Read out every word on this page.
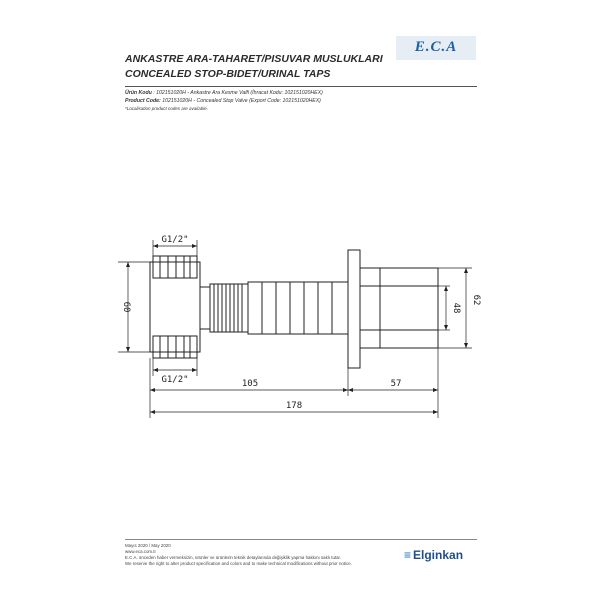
ANKASTRE ARA-TAHARET/PISUVAR MUSLUKLARI
CONCEALED STOP-BIDET/URINAL TAPS
E.C.A
Ürün Kodu : 102151020H - Ankastre Ara Kesme Valfi (İhracat Kodu: 102151020HEX)
Product Code: 102151020H - Concealed Stop Valve (Export Code: 102151020HEX)
*Localisation product codes are available.
G1/2"
G1/2"
60
105	57
178
48
62
Mayıs 2020 / May 2020
www.eca.com.tr
E.C.A. önceden haber vermeksizin, ürünler ve ürünlerin teknik detaylarında değişiklik yapma hakkını saklı tutar.
We reserve the right to alter product specification and colors and to make technical modifications without prior notice.
≡ Elginkan
